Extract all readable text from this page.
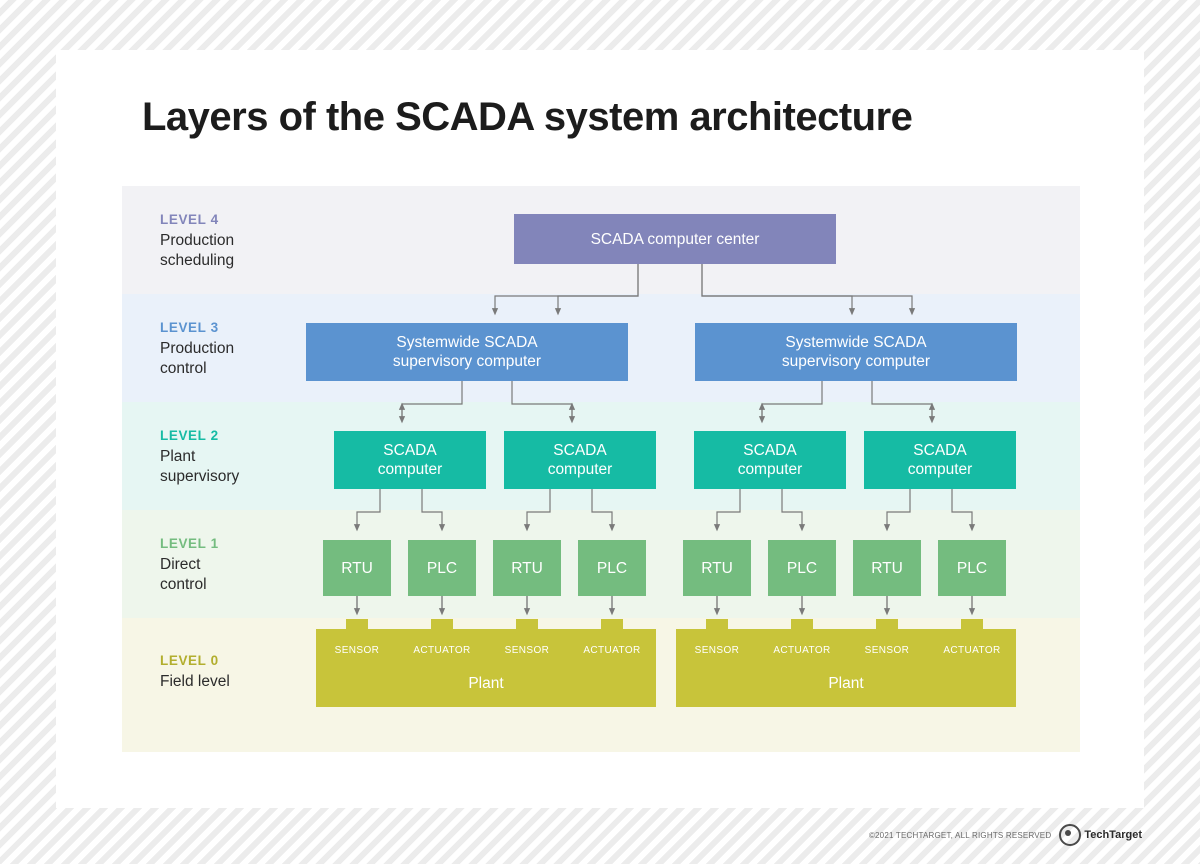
Layers of the SCADA system architecture
LEVEL 4
Production
scheduling
LEVEL 3
Production
control
LEVEL 2
Plant
supervisory
LEVEL 1
Direct
control
LEVEL 0
Field level
SCADA computer center
Systemwide SCADA
supervisory computer
Systemwide SCADA
supervisory computer
SCADA
computer
SCADA
computer
SCADA
computer
SCADA
computer
RTU	PLC	RTU	PLC	RTU	PLC	RTU	PLC
Plant	Plant
SENSOR	ACTUATOR	SENSOR	ACTUATOR	SENSOR	ACTUATOR	SENSOR	ACTUATOR
©2021 TECHTARGET, ALL RIGHTS RESERVED	TechTarget
